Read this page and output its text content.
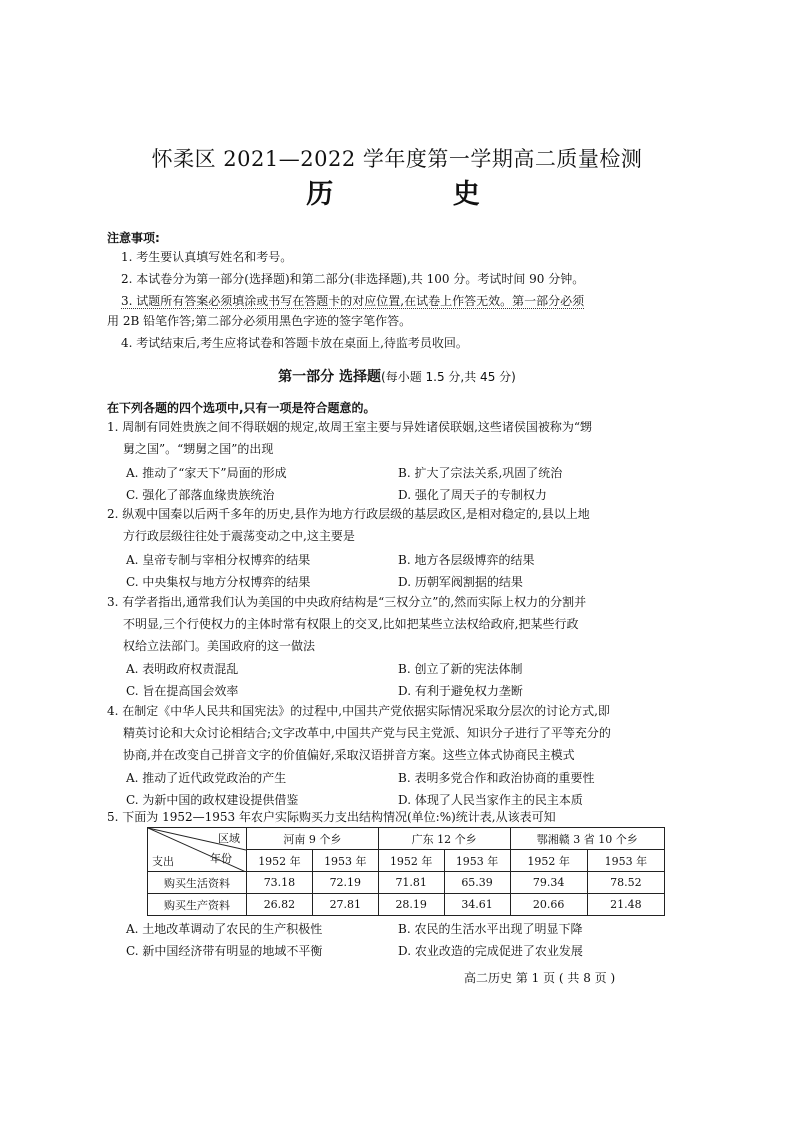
怀柔区 2021—2022 学年度第一学期高二质量检测
历 史
注意事项:
1. 考生要认真填写姓名和考号。
2. 本试卷分为第一部分(选择题)和第二部分(非选择题),共 100 分。考试时间 90 分钟。
3. 试题所有答案必须填涂或书写在答题卡的对应位置,在试卷上作答无效。第一部分必须
用 2B 铅笔作答;第二部分必须用黑色字迹的签字笔作答。
4. 考试结束后,考生应将试卷和答题卡放在桌面上,待监考员收回。
第一部分 选择题(每小题 1.5 分,共 45 分)
在下列各题的四个选项中,只有一项是符合题意的。
1. 周制有同姓贵族之间不得联姻的规定,故周王室主要与异姓诸侯联姻,这些诸侯国被称为“甥
舅之国”。“甥舅之国”的出现
A. 推动了“家天下”局面的形成	B. 扩大了宗法关系,巩固了统治
C. 强化了部落血缘贵族统治	D. 强化了周天子的专制权力
2. 纵观中国秦以后两千多年的历史,县作为地方行政层级的基层政区,是相对稳定的,县以上地
方行政层级往往处于震荡变动之中,这主要是
A. 皇帝专制与宰相分权博弈的结果	B. 地方各层级博弈的结果
C. 中央集权与地方分权博弈的结果	D. 历朝军阀割据的结果
3. 有学者指出,通常我们认为美国的中央政府结构是“三权分立”的,然而实际上权力的分割并
不明显,三个行使权力的主体时常有权限上的交叉,比如把某些立法权给政府,把某些行政
权给立法部门。美国政府的这一做法
A. 表明政府权责混乱	B. 创立了新的宪法体制
C. 旨在提高国会效率	D. 有利于避免权力垄断
4. 在制定《中华人民共和国宪法》的过程中,中国共产党依据实际情况采取分层次的讨论方式,即
精英讨论和大众讨论相结合;文字改革中,中国共产党与民主党派、知识分子进行了平等充分的
协商,并在改变自己拼音文字的价值偏好,采取汉语拼音方案。这些立体式协商民主模式
A. 推动了近代政党政治的产生	B. 表明多党合作和政治协商的重要性
C. 为新中国的政权建设提供借鉴	D. 体现了人民当家作主的民主本质
5. 下面为 1952—1953 年农户实际购买力支出结构情况(单位:%)统计表,从该表可知
区域
年份
支出	河南 9 个乡		广东 12 个乡		鄂湘赣 3 省 10 个乡	
	1952 年	1953 年	1952 年	1953 年	1952 年	1953 年
购买生活资料	73.18	72.19	71.81	65.39	79.34	78.52
购买生产资料	26.82	27.81	28.19	34.61	20.66	21.48
A. 土地改革调动了农民的生产积极性	B. 农民的生活水平出现了明显下降
C. 新中国经济带有明显的地域不平衡	D. 农业改造的完成促进了农业发展
高二历史 第 1 页 ( 共 8 页 )
